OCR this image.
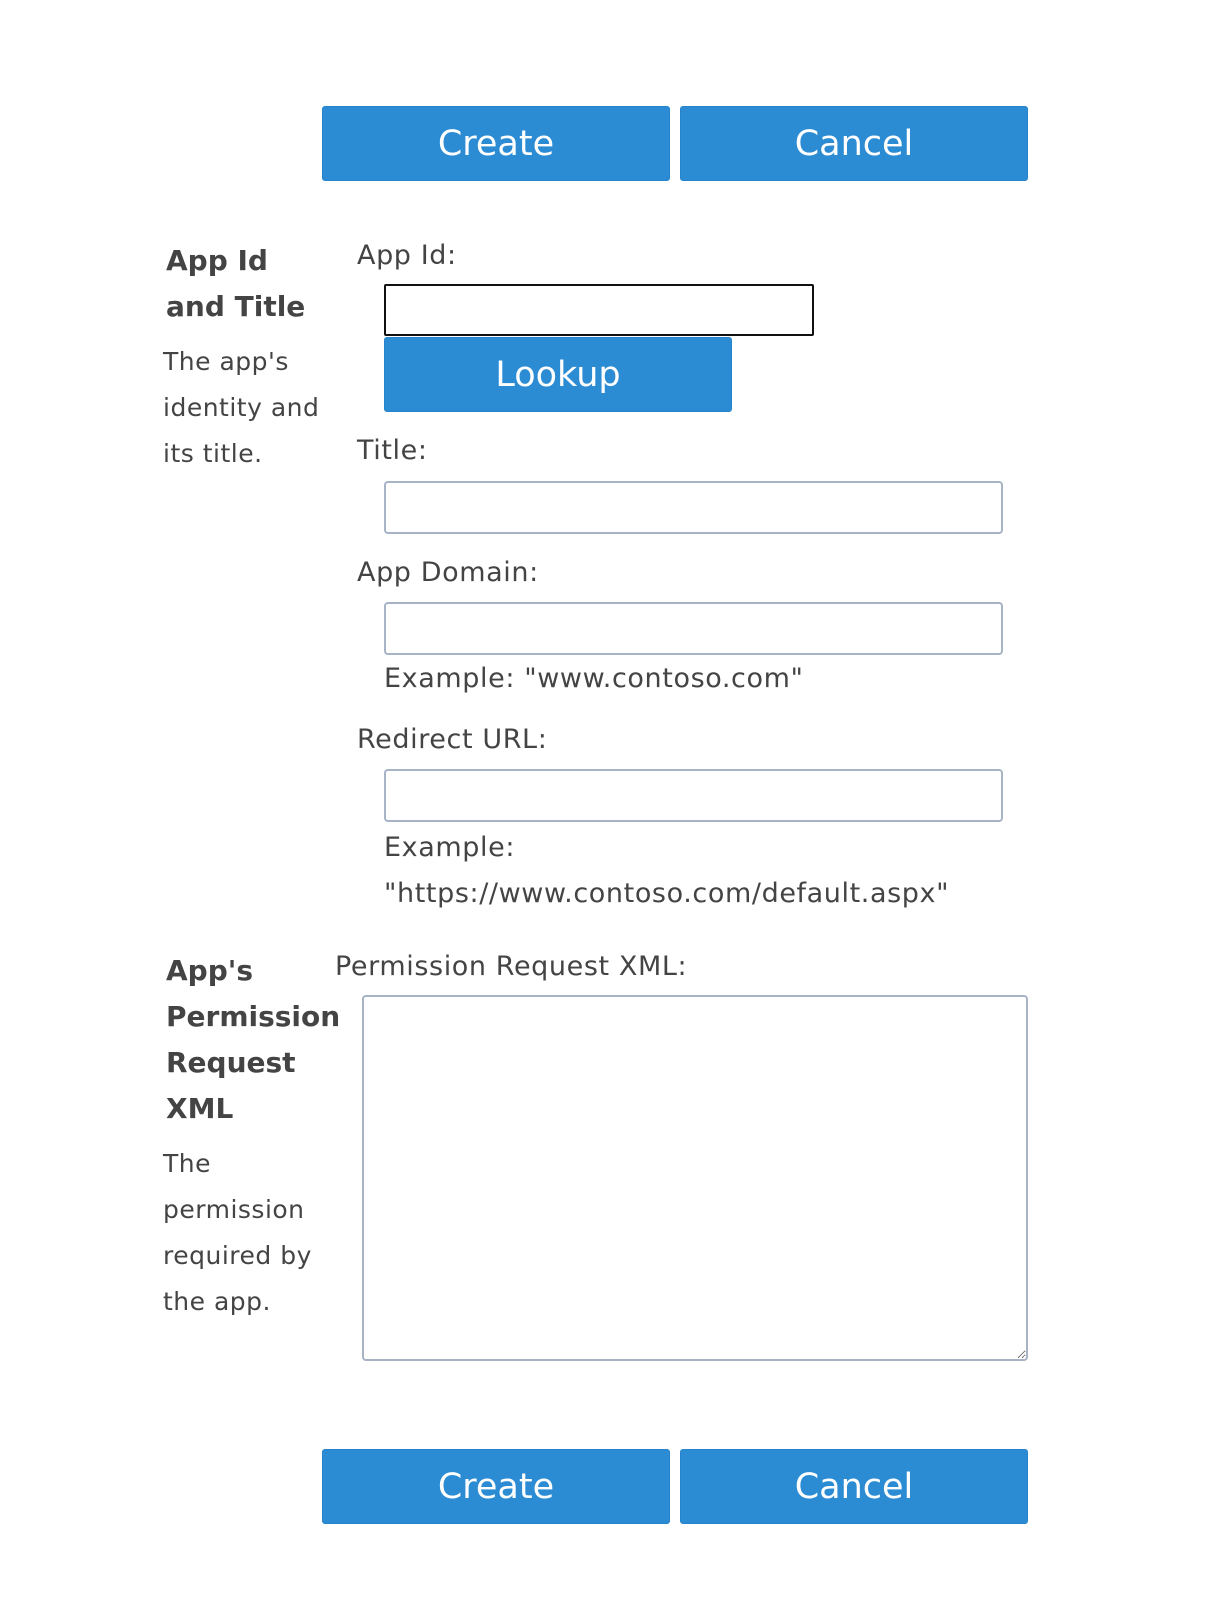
Create	Cancel
App Id
and Title
The app's
identity and
its title.
App Id:
Lookup
Title:
App Domain:
Example: "www.contoso.com"
Redirect URL:
Example:
"https://www.contoso.com/default.aspx"
App's
Permission
Request
XML
The
permission
required by
the app.
Permission Request XML:
Create	Cancel
